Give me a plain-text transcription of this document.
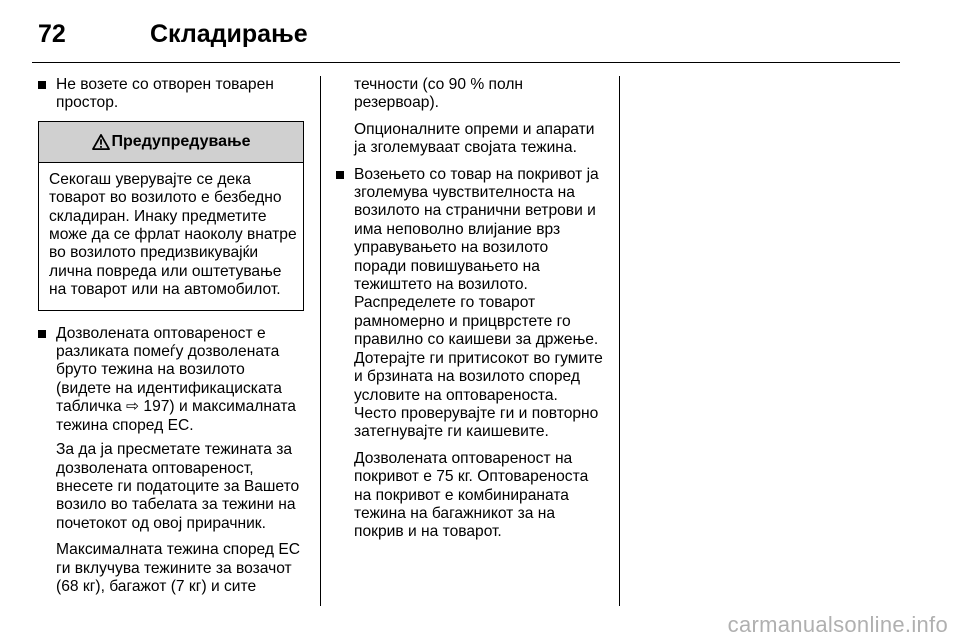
72	Складирање
Не возете со отворен товарен простор.
Предупредување
Секогаш уверувајте се дека товарот во возилото е безбедно складиран. Инаку предметите може да се фрлат наоколу внатре во возилото предизвикувајќи лична повреда или оштетување на товарот или на автомобилот.
Дозволената оптовареност е разликата помеѓу дозволената бруто тежина на возилото (видете на идентификациската табличка ⇨ 197) и максималната тежина според ЕС.

За да ја пресметате тежината за дозволената оптовареност, внесете ги податоците за Вашето возило во табелата за тежини на почетокот од овој прирачник.

Максималната тежина според ЕС ги вклучува тежините за возачот (68 кг), багажот (7 кг) и сите

течности (со 90 % полн резервоар).

Опционалните опреми и апарати ја зголемуваат својата тежина.

Возењето со товар на покривот ја зголемува чувствителноста на возилото на странични ветрови и има неповолно влијание врз управувањето на возилото поради повишувањето на тежиштето на возилото. Распределете го товарот рамномерно и прицврстете го правилно со каишеви за држење. Дотерајте ги притисокот во гумите и брзината на возилото според условите на оптовареноста. Често проверувајте ги и повторно затегнувајте ги каишевите.

Дозволената оптовареност на покривот е 75 кг. Оптовареноста на покривот е комбинираната тежина на багажникот за на покрив и на товарот.

carmanualsonline.info
